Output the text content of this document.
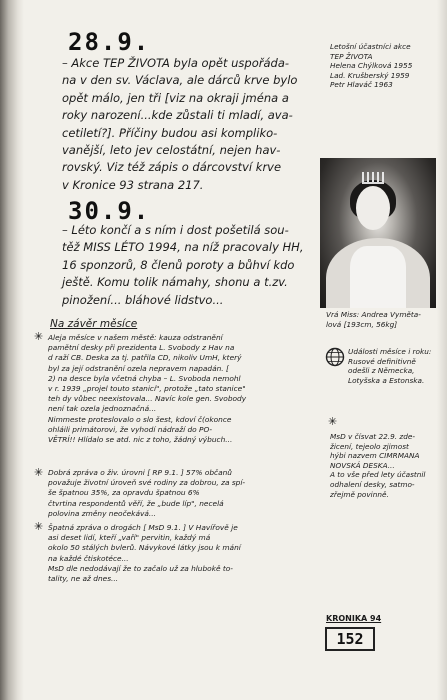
28.9.
– Akce TEP ŽIVOTA byla opět uspořáda-
na v den sv. Václava, ale dárců krve bylo
opět málo, jen tři [viz na okraji jména a
roky narození...kde zůstali ti mladí, ava-
cetiletí?]. Příčiny budou asi kompliko-
vanější, leto jev celostátní, nejen hav-
rovský. Viz též zápis o dárcovství krve
v Kronice 93 strana 217.
30.9.
– Léto končí a s ním i dost pošetilá sou-
těž MISS LÉTO 1994, na níž pracovaly HH,
16 sponzorů, 8 členů poroty a bůhví kdo
ještě. Komu tolik námahy, shonu a t.zv.
pinožení... bláhové lidstvo...
Na závěr měsíce
✳ Aleja měsíce v našem městě: kauza odstranění
pamětní desky při prezidenta L. Svobody z Hav na
d raží CB. Deska za tj. patřila CD, nikoliv UmH, který
byl za její odstranění ozela nepravem napadán. [
2) na desce byla včetná chyba – L. Svoboda nemohl
v r. 1939 „projel touto stanicí", protože „tato stanice"
teh dy vůbec neexistovala... Navíc kole gen. Svobody
není tak ozela jednoznačná...
Nimmeste proteslovalo o slo šest, kdoví č(okonce
ohláili primátorovi, že vyhodí nádraží do PO-
VĚTRÍ!! Hlídalo se atd. nic z toho, žádný výbuch...
✳ Dobrá zpráva o živ. úrovni [ RP 9.1. ] 57% občanů
považuje životní úroveň své rodiny za dobrou, za spí-
še špatnou 35%, za opravdu špatnou 6%
čtvrtina respondentů věří, že „bude líp", necelá
polovina změny neočekává...
✳ Špatná zpráva o drogách [ MsD 9.1. ] V Havířově je
asi deset lidí, kteří „vaří" pervitin, každý má
okolo 50 stálých bvlerů. Návykové látky jsou k mání
na každé čtiskotéce...
MsD dle nedodávají že to začalo už za hlubokě to-
tality, ne až dnes...
Letošní účastníci akce
TEP ŽIVOTA
Helena Chýlková 1955
Lad. Krušberský 1959
Petr Hlaváč 1963
Vrá Miss: Andrea Vyměta-
lová [193cm, 56kg]
Události měsíce i roku:
Rusové definitivně
odešli z Německa,
Lotyšska a Estonska.
✳
MsD v čísvat 22.9. zde-
žicení, tejeolo zjimost
hýbi nazvem CIMRMANA
NOVSKÁ DESKA...
A to vše před lety účastnil
odhalení desky, satmo-
zřejmě povinně.
KRONIKA 94
152
